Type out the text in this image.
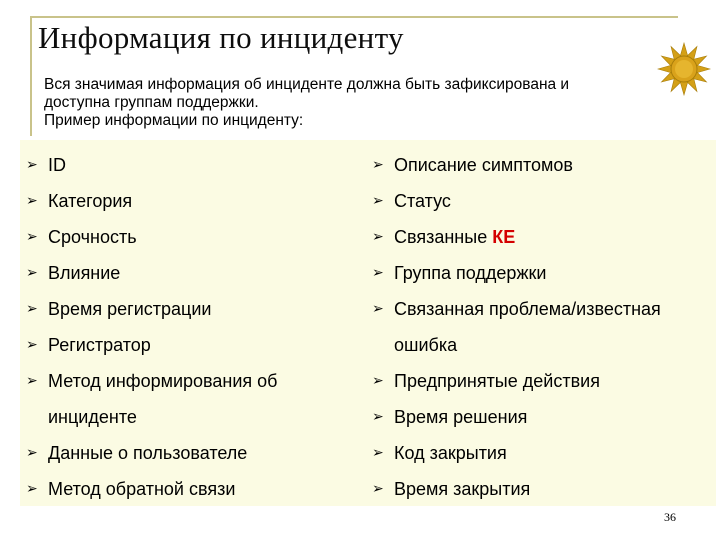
Информация по инциденту
Вся значимая информация об инциденте должна быть зафиксирована и
доступна группам поддержки.
Пример информации по инциденту:
➢ ID
➢ Категория
➢ Срочность
➢ Влияние
➢ Время регистрации
➢ Регистратор
➢ Метод информирования об
инциденте
➢ Данные о пользователе
➢ Метод обратной связи
➢ Описание симптомов
➢ Статус
➢ Связанные
КЕ
➢ Группа поддержки
➢ Связанная проблема/известная
ошибка
➢ Предпринятые действия
➢ Время решения
➢ Код закрытия
➢ Время закрытия
36
